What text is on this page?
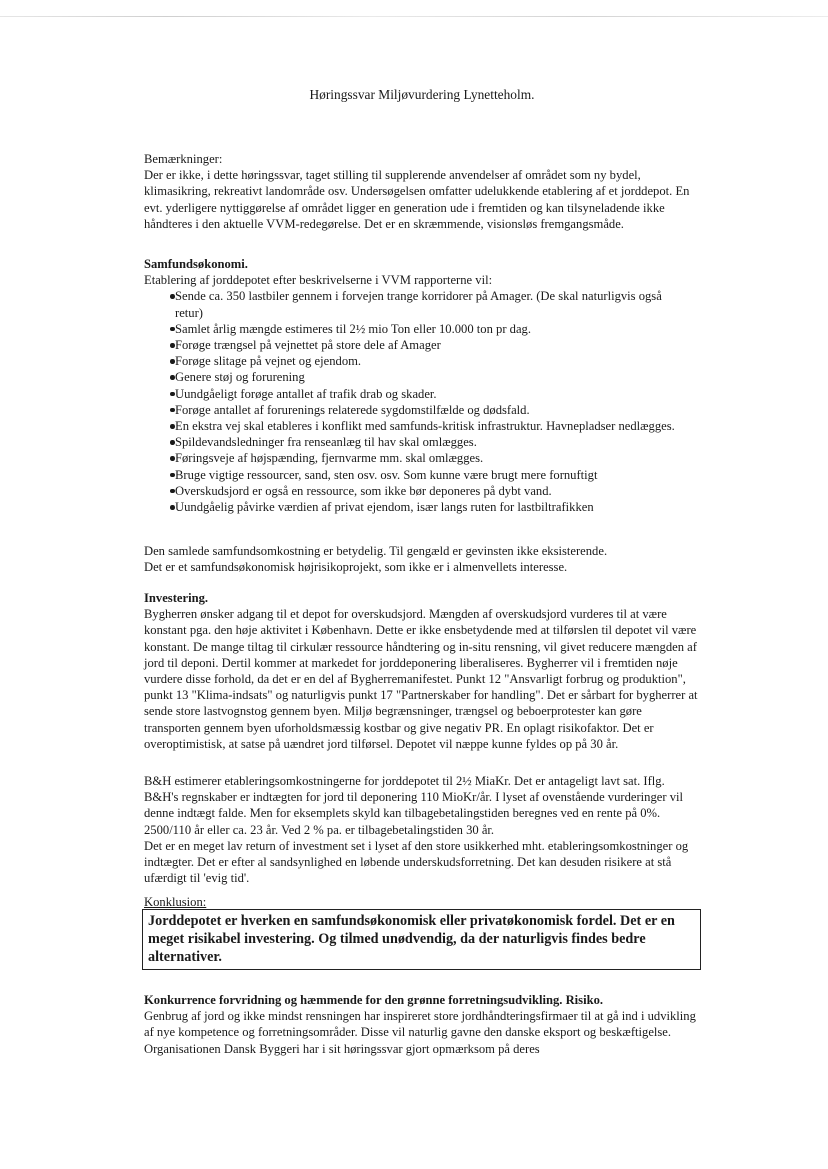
Høringssvar Miljøvurdering Lynetteholm.

Bemærkninger:

Der er ikke, i dette høringssvar, taget stilling til supplerende anvendelser af området som ny bydel, klimasikring, rekreativt landområde osv. Undersøgelsen omfatter udelukkende etablering af et jorddepot. En evt. yderligere nyttiggørelse af området ligger en generation ude i fremtiden og kan tilsyneladende ikke håndteres i den aktuelle VVM-redegørelse. Det er en skræmmende, visionsløs fremgangsmåde.

Samfundsøkonomi.

Etablering af jorddepotet efter beskrivelserne i VVM rapporterne vil:

Sende ca. 350 lastbiler gennem i forvejen trange korridorer på Amager. (De skal naturligvis også retur)
Samlet årlig mængde estimeres til 2½ mio Ton eller 10.000 ton pr dag.
Forøge trængsel på vejnettet på store dele af Amager
Forøge slitage på vejnet og ejendom.
Genere støj og forurening
Uundgåeligt forøge antallet af trafik drab og skader.
Forøge antallet af forurenings relaterede sygdomstilfælde og dødsfald.
En ekstra vej skal etableres i konflikt med samfunds-kritisk infrastruktur. Havnepladser nedlægges.
Spildevandsledninger fra renseanlæg til hav skal omlægges.
Føringsveje af højspænding, fjernvarme mm. skal omlægges.
Bruge vigtige ressourcer, sand, sten osv. osv. Som kunne være brugt mere fornuftigt
Overskudsjord er også en ressource, som ikke bør deponeres på dybt vand.
Uundgåelig påvirke værdien af privat ejendom, især langs ruten for lastbiltrafikken

Den samlede samfundsomkostning er betydelig. Til gengæld er gevinsten ikke eksisterende.

Det er et samfundsøkonomisk højrisikoprojekt, som ikke er i almenvellets interesse.

Investering.

Bygherren ønsker adgang til et depot for overskudsjord. Mængden af overskudsjord vurderes til at være konstant pga. den høje aktivitet i København. Dette er ikke ensbetydende med at tilførslen til depotet vil være konstant. De mange tiltag til cirkulær ressource håndtering og in-situ rensning, vil givet reducere mængden af jord til deponi. Dertil kommer at markedet for jorddeponering liberaliseres. Bygherrer vil i fremtiden nøje vurdere disse forhold, da det er en del af Bygherremanifestet. Punkt 12 "Ansvarligt forbrug og produktion", punkt 13 "Klima-indsats" og naturligvis punkt 17 "Partnerskaber for handling". Det er sårbart for bygherrer at sende store lastvognstog gennem byen. Miljø begrænsninger, trængsel og beboerprotester kan gøre transporten gennem byen uforholdsmæssig kostbar og give negativ PR. En oplagt risikofaktor. Det er overoptimistisk, at satse på uændret jord tilførsel. Depotet vil næppe kunne fyldes op på 30 år.

B&H estimerer etableringsomkostningerne for jorddepotet til 2½ MiaKr. Det er antageligt lavt sat. Iflg. B&H's regnskaber er indtægten for jord til deponering 110 MioKr/år. I lyset af ovenstående vurderinger vil denne indtægt falde. Men for eksemplets skyld kan tilbagebetalingstiden beregnes ved en rente på 0%. 2500/110 år eller ca. 23 år. Ved 2 % pa. er tilbagebetalingstiden 30 år.

Det er en meget lav return of investment set i lyset af den store usikkerhed mht. etableringsomkostninger og indtægter. Det er efter al sandsynlighed en løbende underskudsforretning. Det kan desuden risikere at stå ufærdigt til 'evig tid'.

Konklusion:
Jorddepotet er hverken en samfundsøkonomisk eller privatøkonomisk fordel. Det er en meget risikabel investering. Og tilmed unødvendig, da der naturligvis findes bedre alternativer.

Konkurrence forvridning og hæmmende for den grønne forretningsudvikling. Risiko.

Genbrug af jord og ikke mindst rensningen har inspireret store jordhåndteringsfirmaer til at gå ind i udvikling af nye kompetence og forretningsområder. Disse vil naturlig gavne den danske eksport og beskæftigelse. Organisationen Dansk Byggeri har i sit høringssvar gjort opmærksom på deres
